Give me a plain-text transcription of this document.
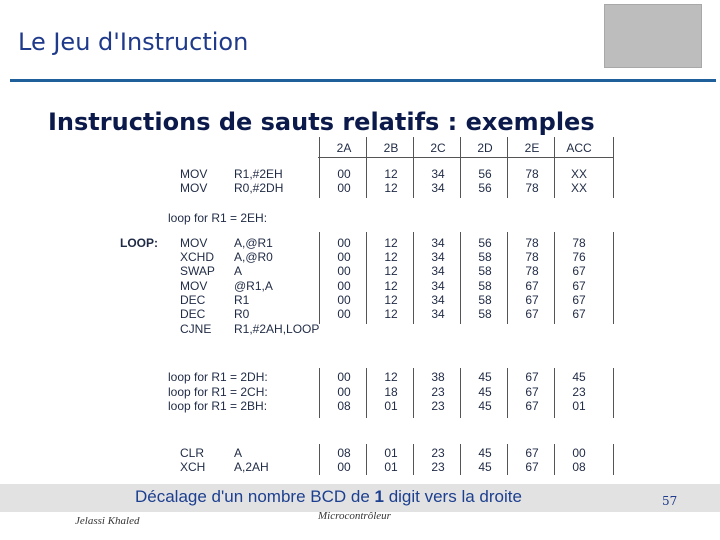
Le Jeu d'Instruction
Instructions de sauts relatifs : exemples
2A	2B	2C	2D	2E	ACC
MOV R1,#2EH	00	12	34	56	78	XX
MOV R0,#2DH	00	12	34	56	78	XX
loop for R1 = 2EH:
LOOP: MOV A,@R1	00	12	34	56	78	78
XCHD A,@R0	00	12	34	58	78	76
SWAP A	00	12	34	58	78	67
MOV @R1,A	00	12	34	58	67	67
DEC R1	00	12	34	58	67	67
DEC R0	00	12	34	58	67	67
CJNE R1,#2AH,LOOP
loop for R1 = 2DH:	00	12	38	45	67	45
loop for R1 = 2CH:	00	18	23	45	67	23
loop for R1 = 2BH:	08	01	23	45	67	01
CLR A	08	01	23	45	67	00
XCH A,2AH	00	01	23	45	67	08
Décalage d'un nombre BCD de 1 digit vers la droite	57
Jelassi Khaled	Microcontrôleur
